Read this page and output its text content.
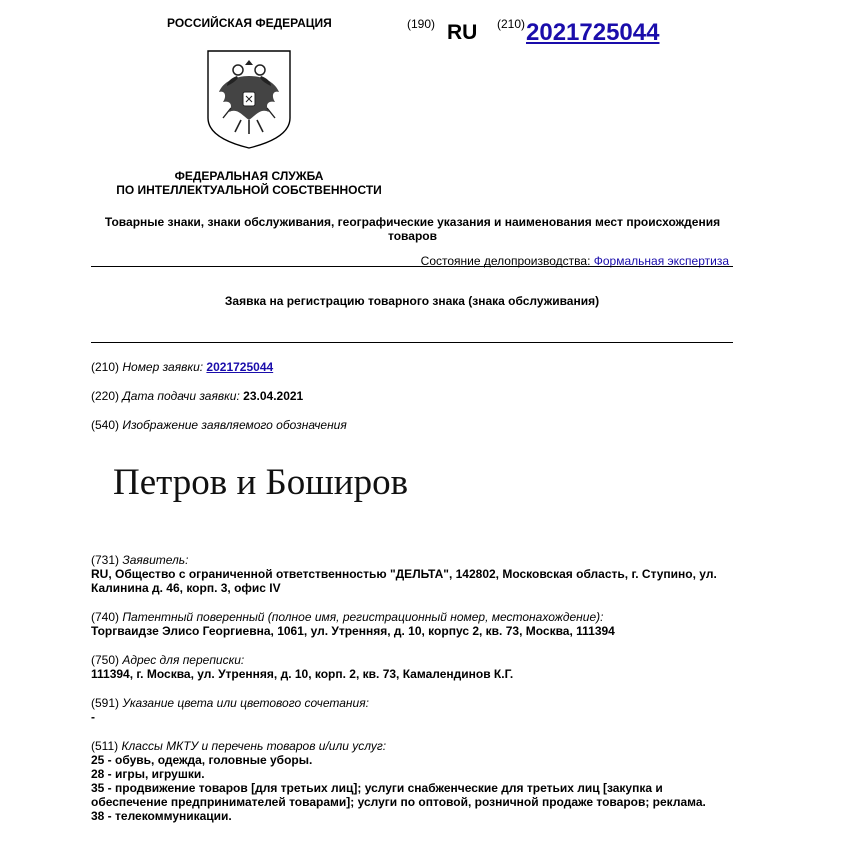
РОССИЙСКАЯ ФЕДЕРАЦИЯ	(190) RU (210) 2021725044
ФЕДЕРАЛЬНАЯ СЛУЖБА
ПО ИНТЕЛЛЕКТУАЛЬНОЙ СОБСТВЕННОСТИ
Товарные знаки, знаки обслуживания, географические указания и наименования мест происхождения товаров
Состояние делопроизводства: Формальная экспертиза
Заявка на регистрацию товарного знака (знака обслуживания)
(210) Номер заявки: 2021725044
(220) Дата подачи заявки: 23.04.2021
(540) Изображение заявляемого обозначения
Петров и Боширов
(731) Заявитель:
RU, Общество с ограниченной ответственностью "ДЕЛЬТА", 142802, Московская область, г. Ступино, ул.
Калинина д. 46, корп. 3, офис IV
(740) Патентный поверенный (полное имя, регистрационный номер, местонахождение):
Торгваидзе Элисо Георгиевна, 1061, ул. Утренняя, д. 10, корпус 2, кв. 73, Москва, 111394
(750) Адрес для переписки:
111394, г. Москва, ул. Утренняя, д. 10, корп. 2, кв. 73, Камалендинов К.Г.
(591) Указание цвета или цветового сочетания:
-
(511) Классы МКТУ и перечень товаров и/или услуг:
25 - обувь, одежда, головные уборы.
28 - игры, игрушки.
35 - продвижение товаров [для третьих лиц]; услуги снабженческие для третьих лиц [закупка и
обеспечение предпринимателей товарами]; услуги по оптовой, розничной продаже товаров; реклама.
38 - телекоммуникации.
